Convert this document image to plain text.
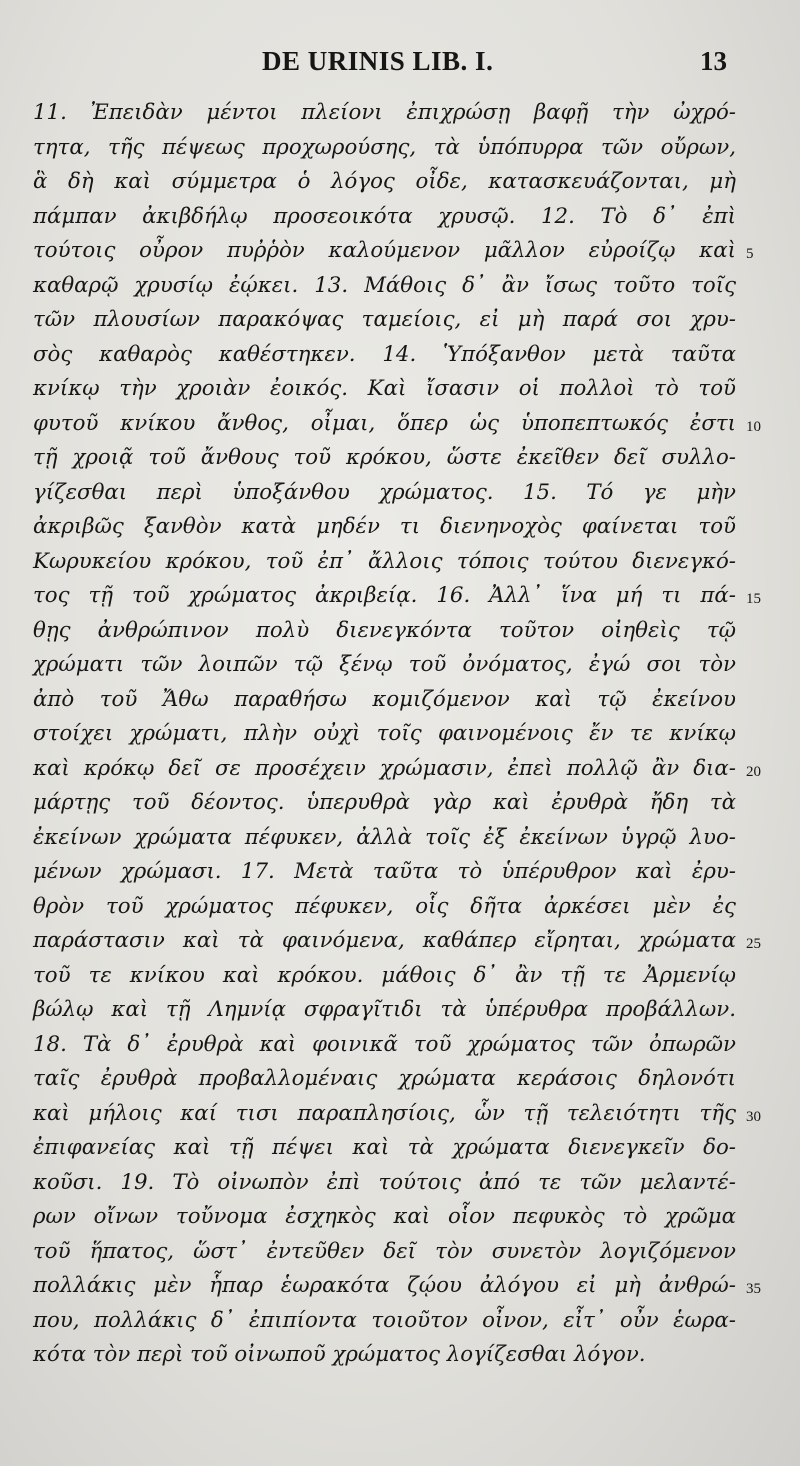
DE URINIS LIB. I.	13
11. Ἐπειδὰν μέντοι πλείονι ἐπιχρώσῃ βαφῇ τὴν ὠχρό-
τητα, τῆς πέψεως προχωρούσης, τὰ ὑπόπυρρα τῶν οὔρων,
ἃ δὴ καὶ σύμμετρα ὁ λόγος οἶδε, κατασκευάζονται, μὴ
πάμπαν ἀκιβδήλῳ προσεοικότα χρυσῷ. 12. Τὸ δ᾽ ἐπὶ
τούτοις οὖρον πυῤῥὸν καλούμενον μᾶλλον εὐροίζῳ καὶ
καθαρῷ χρυσίῳ ἐῴκει. 13. Μάθοις δ᾽ ἂν ἴσως τοῦτο τοῖς
τῶν πλουσίων παρακόψας ταμείοις, εἰ μὴ παρά σοι χρυ-
σὸς καθαρὸς καθέστηκεν. 14. Ὑπόξανθον μετὰ ταῦτα
κνίκῳ τὴν χροιὰν ἐοικός. Καὶ ἴσασιν οἱ πολλοὶ τὸ τοῦ
φυτοῦ κνίκου ἄνθος, οἶμαι, ὅπερ ὡς ὑποπεπτωκός ἐστι
τῇ χροιᾷ τοῦ ἄνθους τοῦ κρόκου, ὥστε ἐκεῖθεν δεῖ συλλο-
γίζεσθαι περὶ ὑποξάνθου χρώματος. 15. Τό γε μὴν
ἀκριβῶς ξανθὸν κατὰ μηδέν τι διενηνοχὸς φαίνεται τοῦ
Κωρυκείου κρόκου, τοῦ ἐπ᾽ ἄλλοις τόποις τούτου διενεγκό-
τος τῇ τοῦ χρώματος ἀκριβείᾳ. 16. Ἀλλ᾽ ἵνα μή τι πά-
θῃς ἀνθρώπινον πολὺ διενεγκόντα τοῦτον οἰηθεὶς τῷ
χρώματι τῶν λοιπῶν τῷ ξένῳ τοῦ ὀνόματος, ἐγώ σοι τὸν
ἀπὸ τοῦ Ἄθω παραθήσω κομιζόμενον καὶ τῷ ἐκείνου
στοίχει χρώματι, πλὴν οὐχὶ τοῖς φαινομένοις ἔν τε κνίκῳ
καὶ κρόκῳ δεῖ σε προσέχειν χρώμασιν, ἐπεὶ πολλῷ ἂν δια-
μάρτῃς τοῦ δέοντος. ὑπερυθρὰ γὰρ καὶ ἐρυθρὰ ἤδη τὰ
ἐκείνων χρώματα πέφυκεν, ἀλλὰ τοῖς ἐξ ἐκείνων ὑγρῷ λυο-
μένων χρώμασι. 17. Μετὰ ταῦτα τὸ ὑπέρυθρον καὶ ἐρυ-
θρὸν τοῦ χρώματος πέφυκεν, οἷς δῆτα ἀρκέσει μὲν ἐς
παράστασιν καὶ τὰ φαινόμενα, καθάπερ εἴρηται, χρώματα
τοῦ τε κνίκου καὶ κρόκου. μάθοις δ᾽ ἂν τῇ τε Ἀρμενίῳ
βώλῳ καὶ τῇ Λημνίᾳ σφραγῖτιδι τὰ ὑπέρυθρα προβάλλων.
18. Τὰ δ᾽ ἐρυθρὰ καὶ φοινικᾶ τοῦ χρώματος τῶν ὀπωρῶν
ταῖς ἐρυθρὰ προβαλλομέναις χρώματα κεράσοις δηλονότι
καὶ μήλοις καί τισι παραπλησίοις, ὧν τῇ τελειότητι τῆς
ἐπιφανείας καὶ τῇ πέψει καὶ τὰ χρώματα διενεγκεῖν δο-
κοῦσι. 19. Τὸ οἰνωπὸν ἐπὶ τούτοις ἀπό τε τῶν μελαντέ-
ρων οἴνων τοὔνομα ἐσχηκὸς καὶ οἷον πεφυκὸς τὸ χρῶμα
τοῦ ἥπατος, ὥστ᾽ ἐντεῦθεν δεῖ τὸν συνετὸν λογιζόμενον
πολλάκις μὲν ἧπαρ ἑωρακότα ζῴου ἀλόγου εἰ μὴ ἀνθρώ-
που, πολλάκις δ᾽ ἐπιπίοντα τοιοῦτον οἶνον, εἶτ᾽ οὖν ἑωρα-
κότα τὸν περὶ τοῦ οἰνωποῦ χρώματος λογίζεσθαι λόγον.
5
10
15
20
25
30
35
